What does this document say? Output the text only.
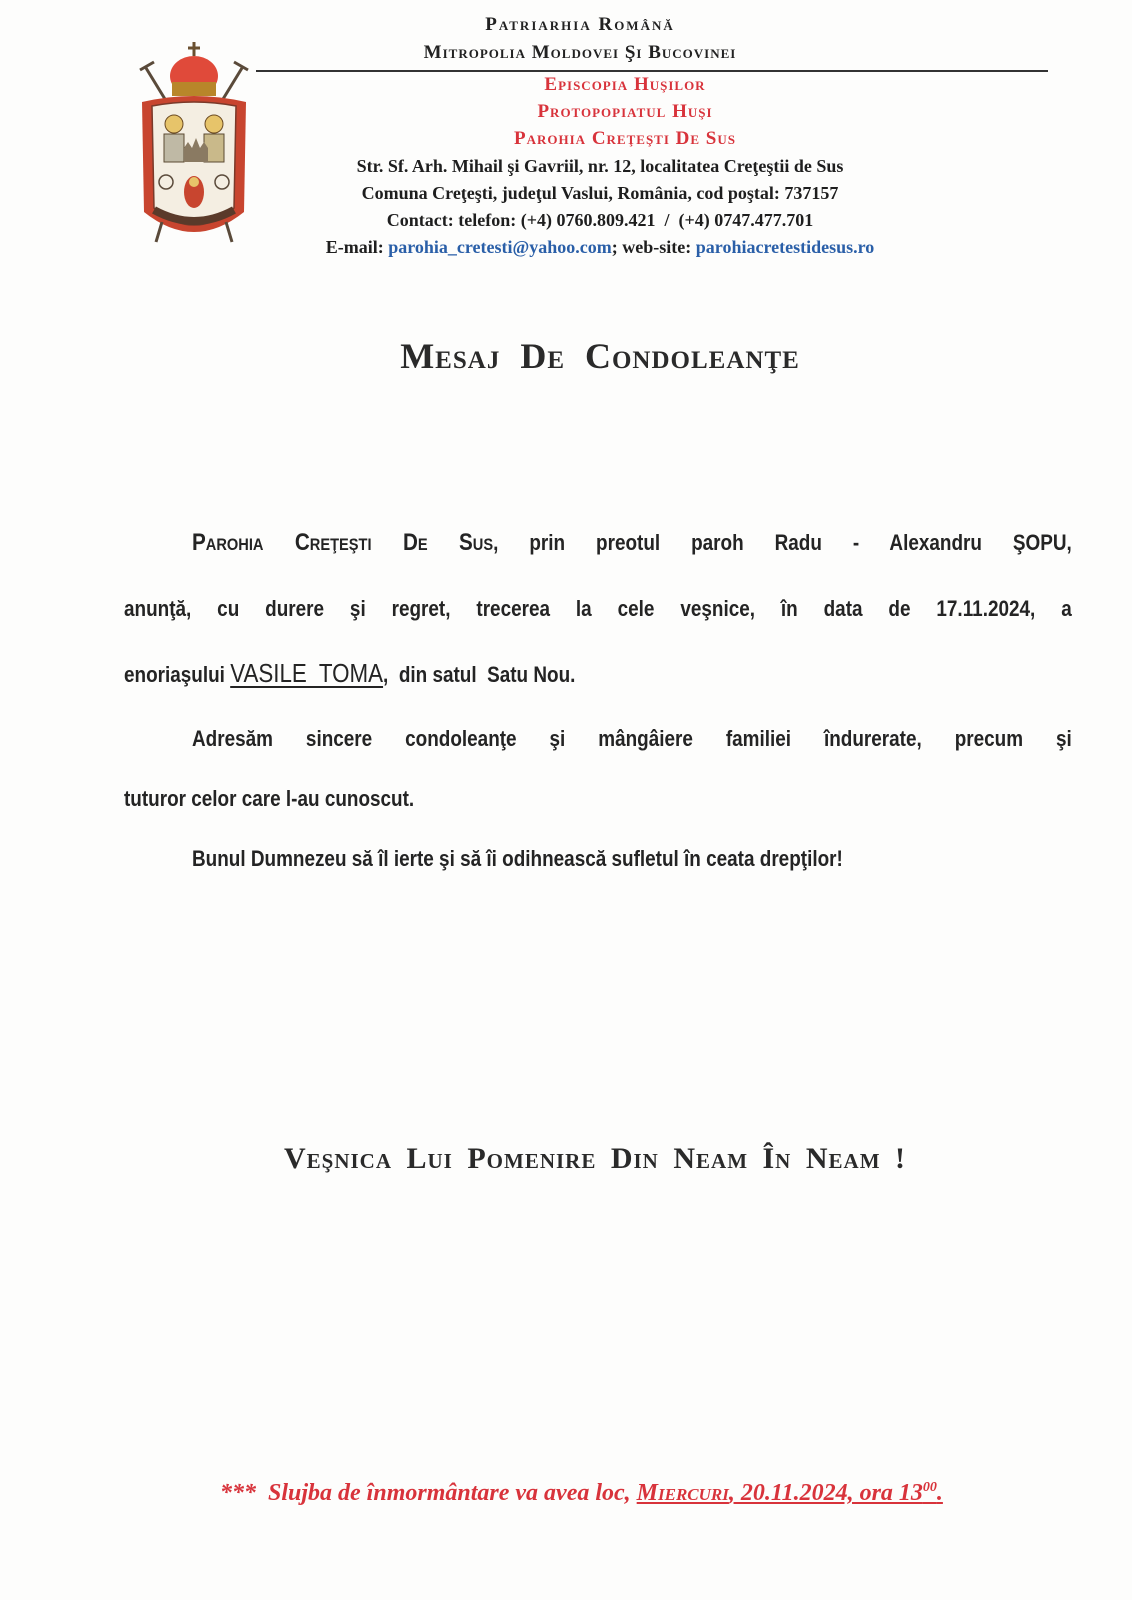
Patriarhia Română
Mitropolia Moldovei Şi Bucovinei
Episcopia Huşilor
Protopopiatul Huşi
Parohia Creţeşti De Sus
Str. Sf. Arh. Mihail şi Gavriil, nr. 12, localitatea Creţeştii de Sus
Comuna Creţeşti, judeţul Vaslui, România, cod poştal: 737157
Contact: telefon: (+4) 0760.809.421  /  (+4) 0747.477.701
E-mail: parohia_cretesti@yahoo.com; web-site: parohiacretestidesus.ro
Mesaj De Condoleanţe
Parohia Creţeşti De Sus, prin preotul paroh Radu - Alexandru ŞOPU,
anunţă, cu durere şi regret, trecerea la cele veşnice, în data de 17.11.2024, a
enoriaşului VASILE  TOMA,  din satul  Satu Nou.
Adresăm sincere condoleanţe şi mângâiere familiei îndurerate, precum şi
tuturor celor care l-au cunoscut.
Bunul Dumnezeu să îl ierte şi să îi odihnească sufletul în ceata drepţilor!
Veşnica Lui Pomenire Din Neam În Neam !
*** Slujba de înmormântare va avea loc, Miercuri, 20.11.2024, ora $13^{00}$.
